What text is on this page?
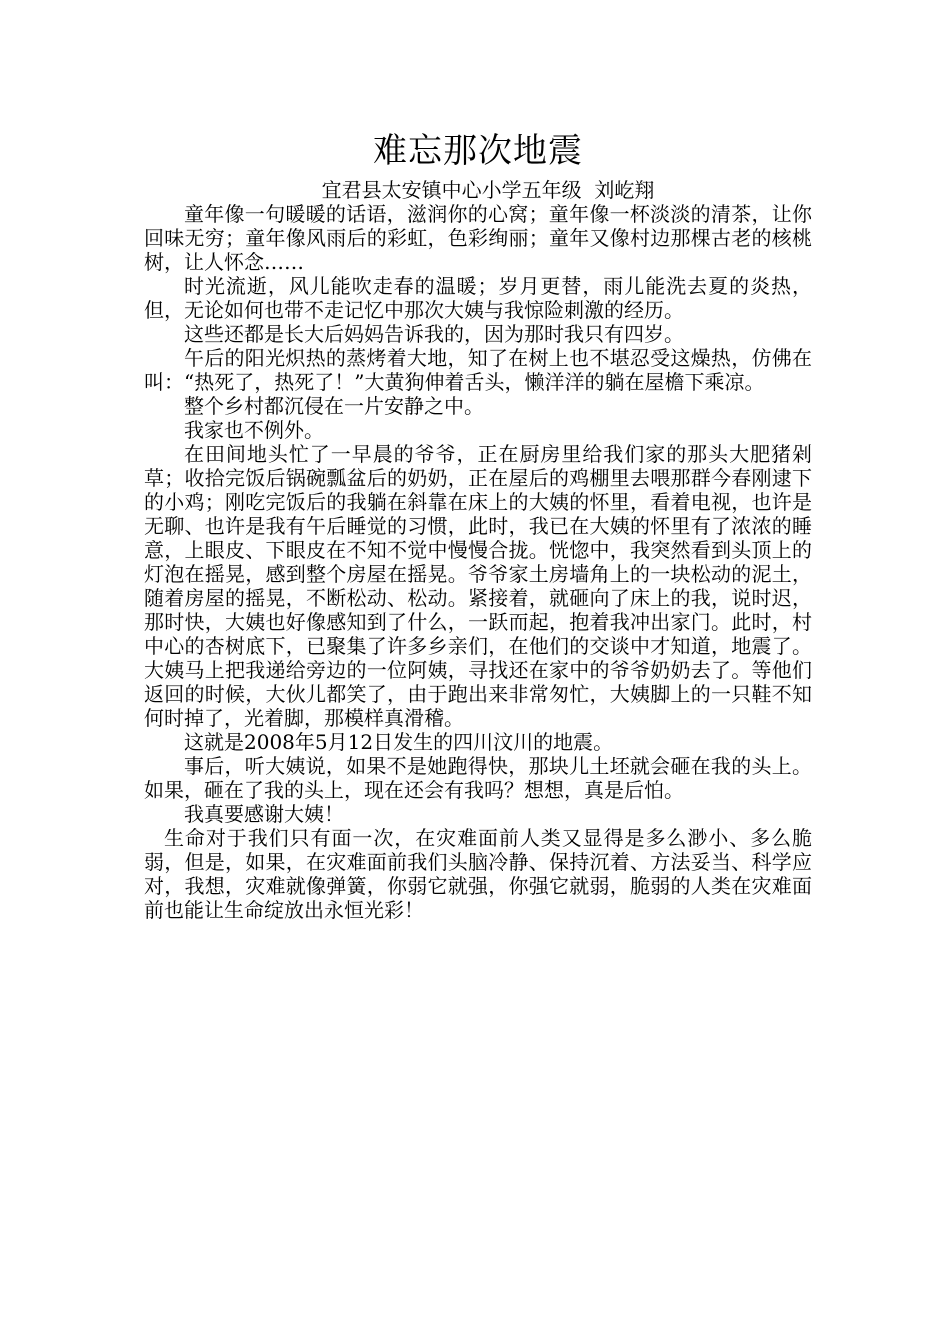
难忘那次地震

宜君县太安镇中心小学五年级  刘屹翔

童年像一句暖暖的话语，滋润你的心窝；童年像一杯淡淡的清茶，让你回味无穷；童年像风雨后的彩虹，色彩绚丽；童年又像村边那棵古老的核桃树，让人怀念……

时光流逝，风儿能吹走春的温暖；岁月更替，雨儿能洗去夏的炎热， 但，无论如何也带不走记忆中那次大姨与我惊险刺激的经历。

这些还都是长大后妈妈告诉我的，因为那时我只有四岁。

午后的阳光炽热的蒸烤着大地，知了在树上也不堪忍受这燥热，仿佛在叫：“热死了，热死了！”大黄狗伸着舌头，懒洋洋的躺在屋檐下乘凉。

整个乡村都沉侵在一片安静之中。

我家也不例外。

在田间地头忙了一早晨的爷爷，正在厨房里给我们家的那头大肥猪剁草；收拾完饭后锅碗瓢盆后的奶奶，正在屋后的鸡棚里去喂那群今春刚逮下的小鸡；刚吃完饭后的我躺在斜靠在床上的大姨的怀里，看着电视，也许是无聊、也许是我有午后睡觉的习惯，此时，我已在大姨的怀里有了浓浓的睡意，上眼皮、下眼皮在不知不觉中慢慢合拢。恍惚中，我突然看到头顶上的灯泡在摇晃，感到整个房屋在摇晃。爷爷家土房墙角上的一块松动的泥土，随着房屋的摇晃，不断松动、松动。紧接着，就砸向了床上的我，说时迟，那时快，大姨也好像感知到了什么，一跃而起，抱着我冲出家门。此时，村中心的杏树底下，已聚集了许多乡亲们，在他们的交谈中才知道，地震了。大姨马上把我递给旁边的一位阿姨，寻找还在家中的爷爷奶奶去了。等他们返回的时候，大伙儿都笑了，由于跑出来非常匆忙，大姨脚上的一只鞋不知何时掉了，光着脚，那模样真滑稽。

这就是2008年5月12日发生的四川汶川的地震。

事后，听大姨说，如果不是她跑得快，那块儿土坯就会砸在我的头上。如果，砸在了我的头上，现在还会有我吗？想想，真是后怕。

我真要感谢大姨！

生命对于我们只有面一次，在灾难面前人类又显得是多么渺小、多么脆弱，但是，如果，在灾难面前我们头脑冷静、保持沉着、方法妥当、科学应对，我想，灾难就像弹簧，你弱它就强，你强它就弱，脆弱的人类在灾难面前也能让生命绽放出永恒光彩！
